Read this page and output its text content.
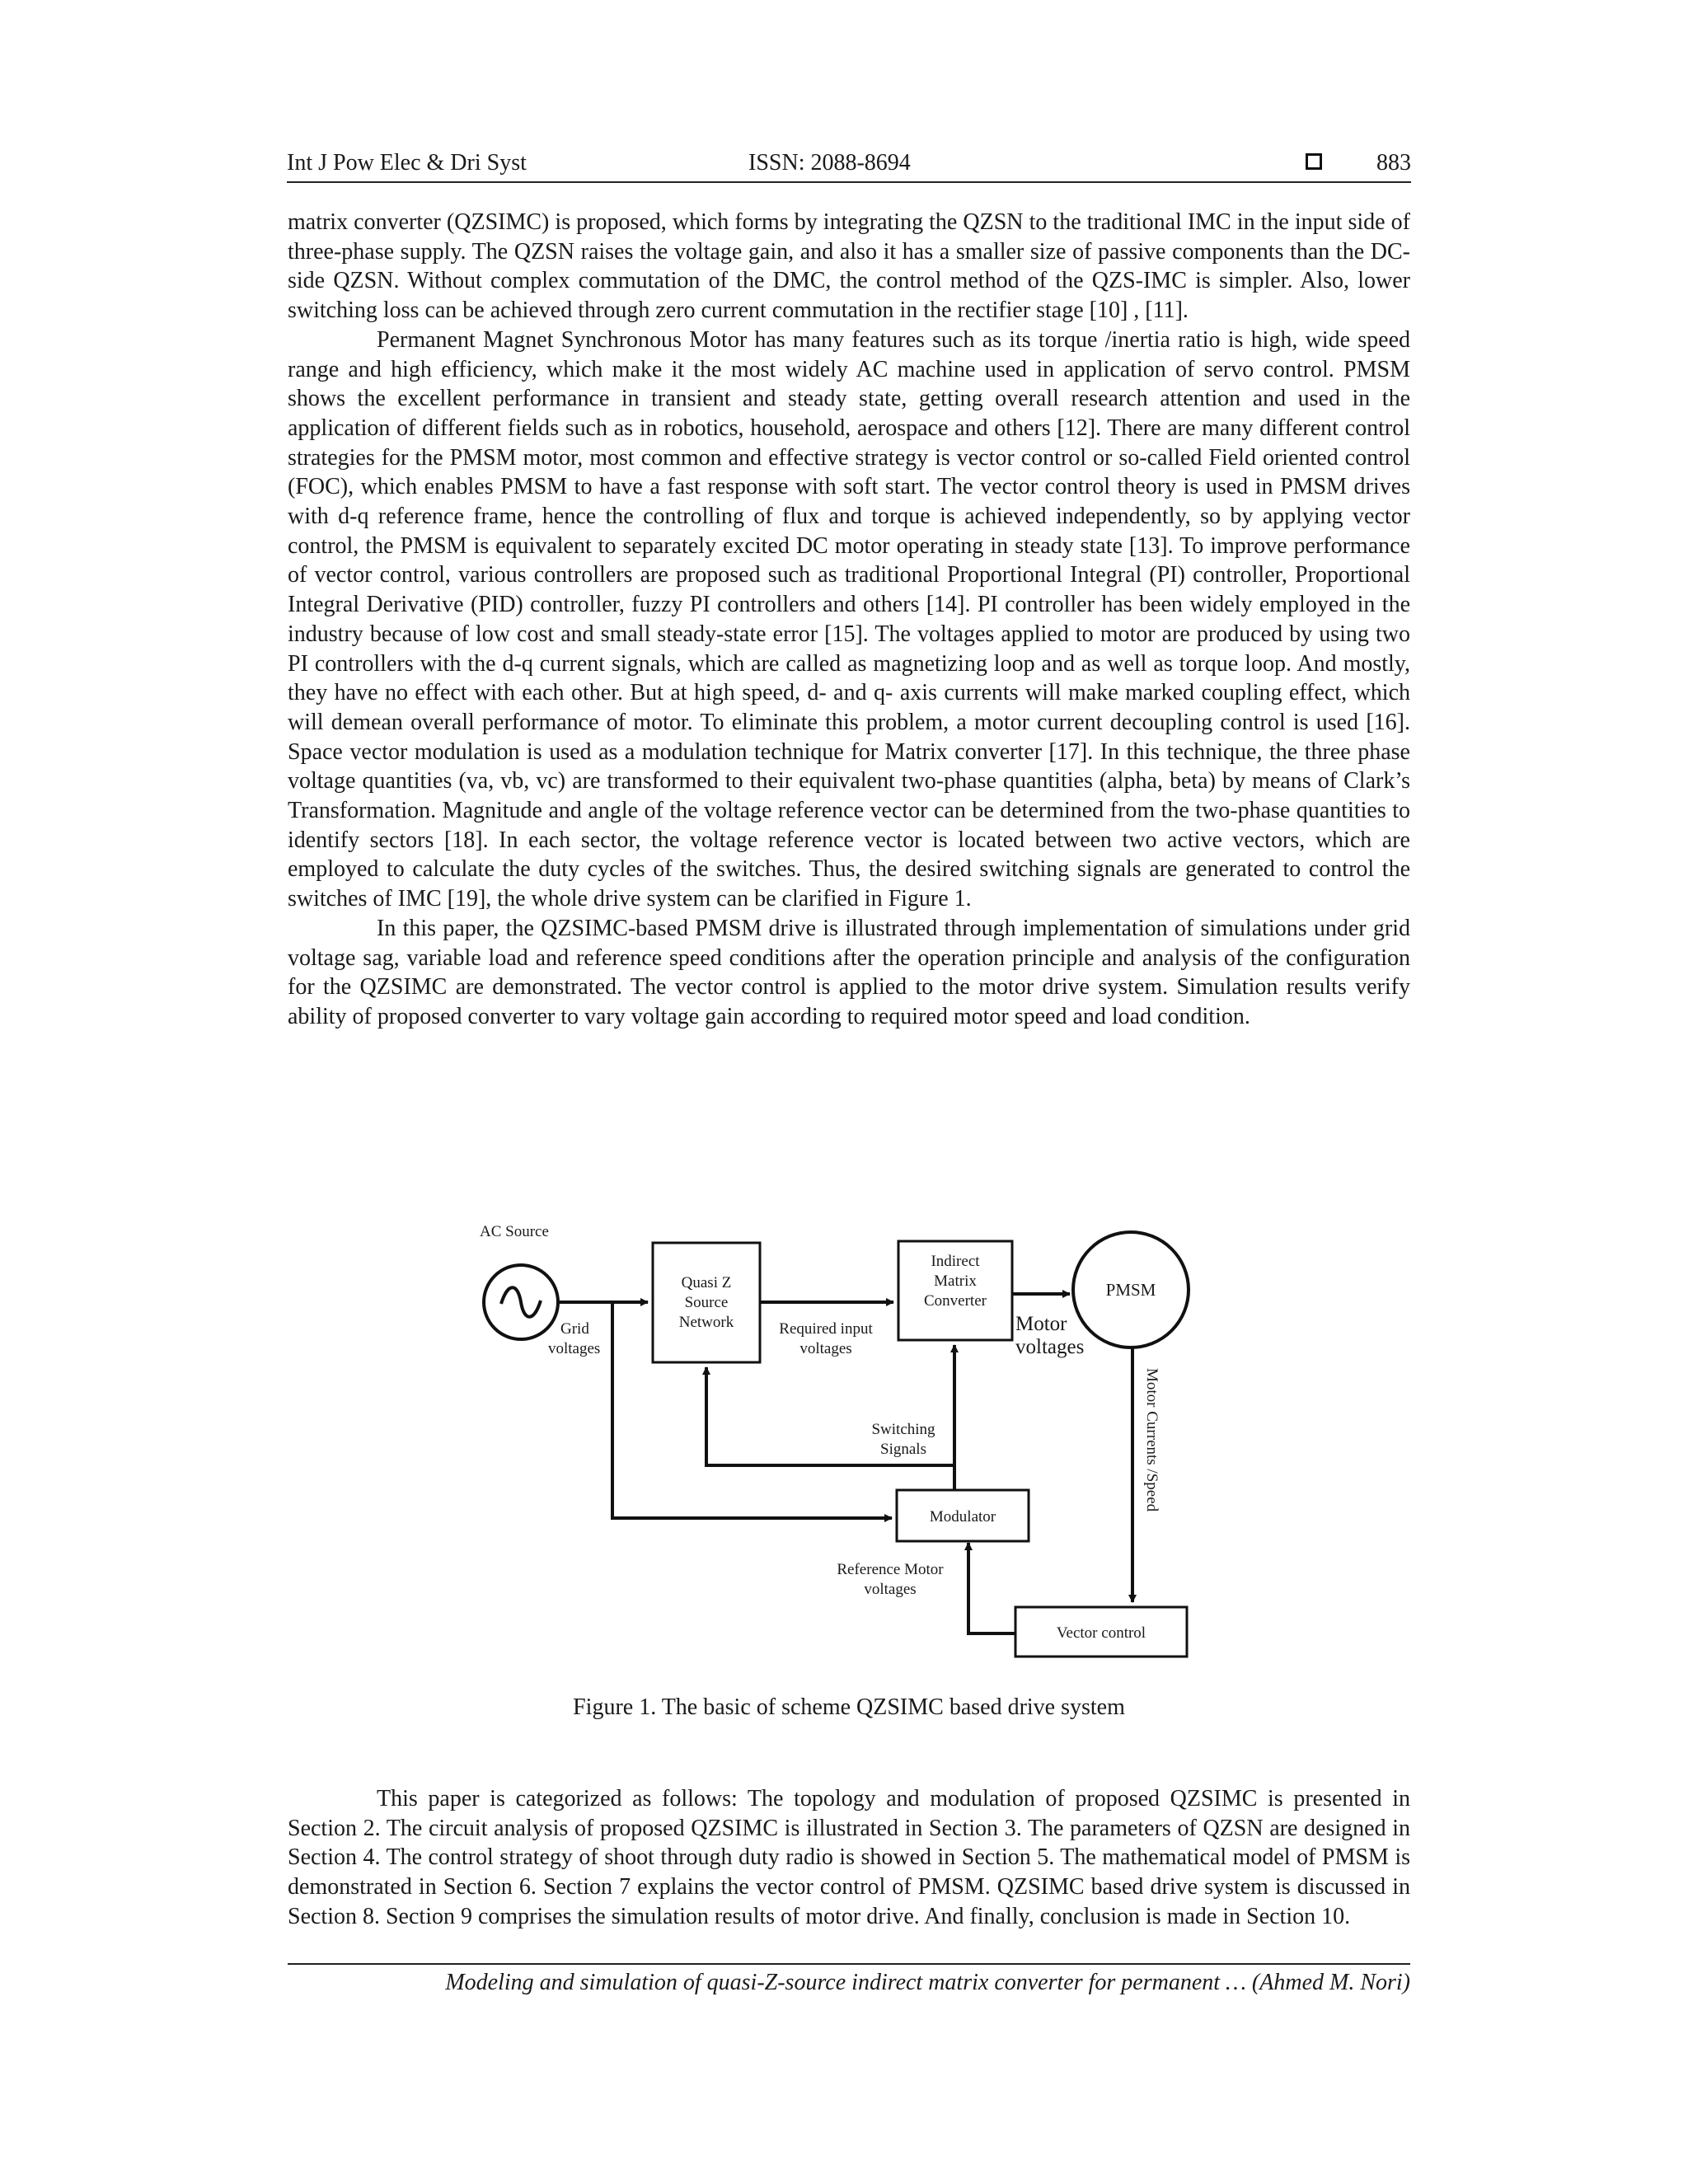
Int J Pow Elec & Dri Syst	ISSN: 2088-8694	883

matrix converter (QZSIMC) is proposed, which forms by integrating the QZSN to the traditional IMC in the input side of three-phase supply. The QZSN raises the voltage gain, and also it has a smaller size of passive components than the DC-side QZSN. Without complex commutation of the DMC, the control method of the QZS-IMC is simpler. Also, lower switching loss can be achieved through zero current commutation in the rectifier stage [10] , [11].

Permanent Magnet Synchronous Motor has many features such as its torque /inertia ratio is high, wide speed range and high efficiency, which make it the most widely AC machine used in application of servo control. PMSM shows the excellent performance in transient and steady state, getting overall research attention and used in the application of different fields such as in robotics, household, aerospace and others [12]. There are many different control strategies for the PMSM motor, most common and effective strategy is vector control or so-called Field oriented control (FOC), which enables PMSM to have a fast response with soft start. The vector control theory is used in PMSM drives with d-q reference frame, hence the controlling of flux and torque is achieved independently, so by applying vector control, the PMSM is equivalent to separately excited DC motor operating in steady state [13]. To improve performance of vector control, various controllers are proposed such as traditional Proportional Integral (PI) controller, Proportional Integral Derivative (PID) controller, fuzzy PI controllers and others [14]. PI controller has been widely employed in the industry because of low cost and small steady-state error [15]. The voltages applied to motor are produced by using two PI controllers with the d-q current signals, which are called as magnetizing loop and as well as torque loop. And mostly, they have no effect with each other. But at high speed, d- and q- axis currents will make marked coupling effect, which will demean overall performance of motor. To eliminate this problem, a motor current decoupling control is used [16]. Space vector modulation is used as a modulation technique for Matrix converter [17]. In this technique, the three phase voltage quantities (va, vb, vc) are transformed to their equivalent two-phase quantities (alpha, beta) by means of Clark’s Transformation. Magnitude and angle of the voltage reference vector can be determined from the two-phase quantities to identify sectors [18]. In each sector, the voltage reference vector is located between two active vectors, which are employed to calculate the duty cycles of the switches. Thus, the desired switching signals are generated to control the switches of IMC [19], the whole drive system can be clarified in Figure 1.

In this paper, the QZSIMC-based PMSM drive is illustrated through implementation of simulations under grid voltage sag, variable load and reference speed conditions after the operation principle and analysis of the configuration for the QZSIMC are demonstrated. The vector control is applied to the motor drive system. Simulation results verify ability of proposed converter to vary voltage gain according to required motor speed and load condition.

AC Source
Grid
voltages
Quasi Z
Source
Network	Required input
voltages
Indirect
Matrix
Converter
PMSM
Motor
voltages
Switching
Signals
Modulator
Motor Currents /Speed
Reference Motor
voltages
Vector control
Figure 1. The basic of scheme QZSIMC based drive system

This paper is categorized as follows: The topology and modulation of proposed QZSIMC is presented in Section 2. The circuit analysis of proposed QZSIMC is illustrated in Section 3. The parameters of QZSN are designed in Section 4. The control strategy of shoot through duty radio is showed in Section 5. The mathematical model of PMSM is demonstrated in Section 6. Section 7 explains the vector control of PMSM. QZSIMC based drive system is discussed in Section 8. Section 9 comprises the simulation results of motor drive. And finally, conclusion is made in Section 10.

Modeling and simulation of quasi-Z-source indirect matrix converter for permanent … (Ahmed M. Nori)
